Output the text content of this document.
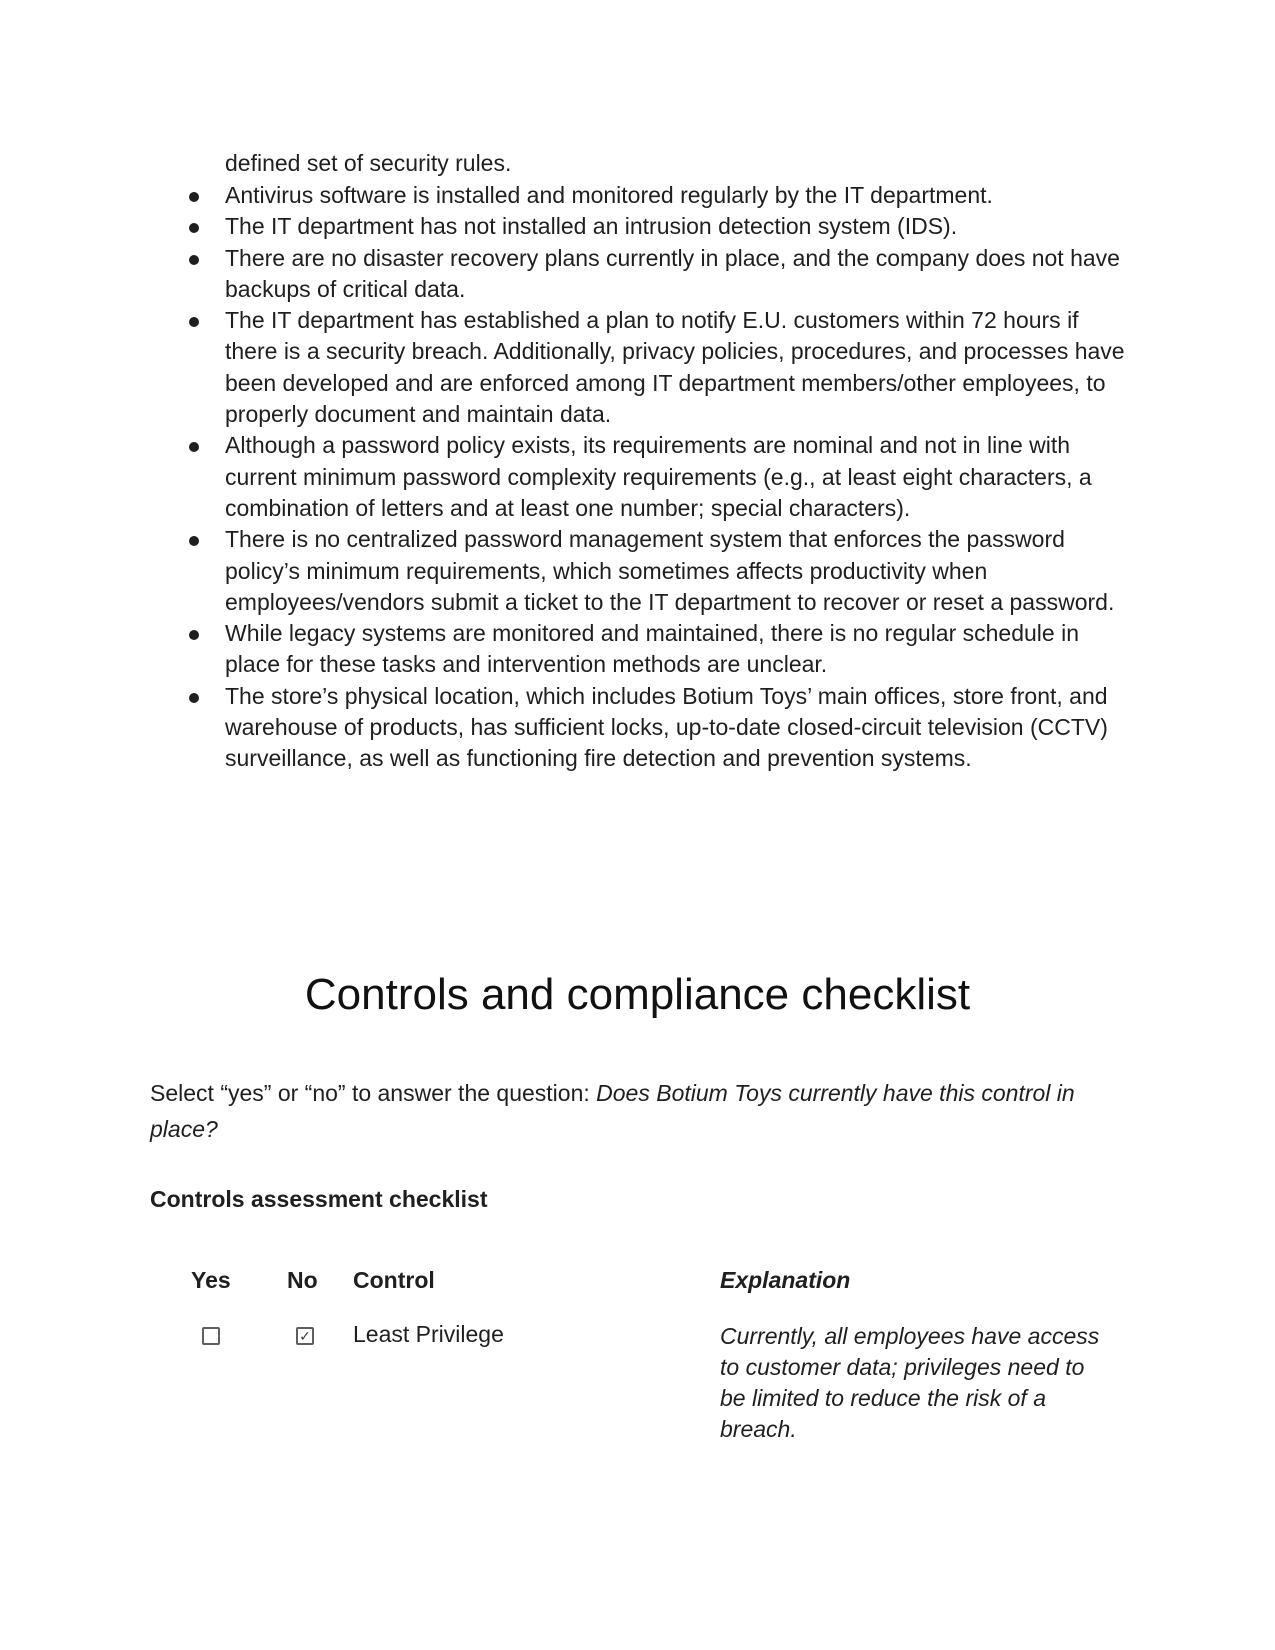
defined set of security rules.

Antivirus software is installed and monitored regularly by the IT department.
The IT department has not installed an intrusion detection system (IDS).
There are no disaster recovery plans currently in place, and the company does not have backups of critical data.
The IT department has established a plan to notify E.U. customers within 72 hours if there is a security breach. Additionally, privacy policies, procedures, and processes have been developed and are enforced among IT department members/other employees, to properly document and maintain data.
Although a password policy exists, its requirements are nominal and not in line with current minimum password complexity requirements (e.g., at least eight characters, a combination of letters and at least one number; special characters).
There is no centralized password management system that enforces the password policy’s minimum requirements, which sometimes affects productivity when employees/vendors submit a ticket to the IT department to recover or reset a password.
While legacy systems are monitored and maintained, there is no regular schedule in place for these tasks and intervention methods are unclear.
The store’s physical location, which includes Botium Toys’ main offices, store front, and warehouse of products, has sufficient locks, up-to-date closed-circuit television (CCTV) surveillance, as well as functioning fire detection and prevention systems.
Controls and compliance checklist

Select “yes” or “no” to answer the question: Does Botium Toys currently have this control in place?

Controls assessment checklist
Yes No Control	Explanation
✓ Least Privilege	Currently, all employees have access to customer data; privileges need to be limited to reduce the risk of a breach.
